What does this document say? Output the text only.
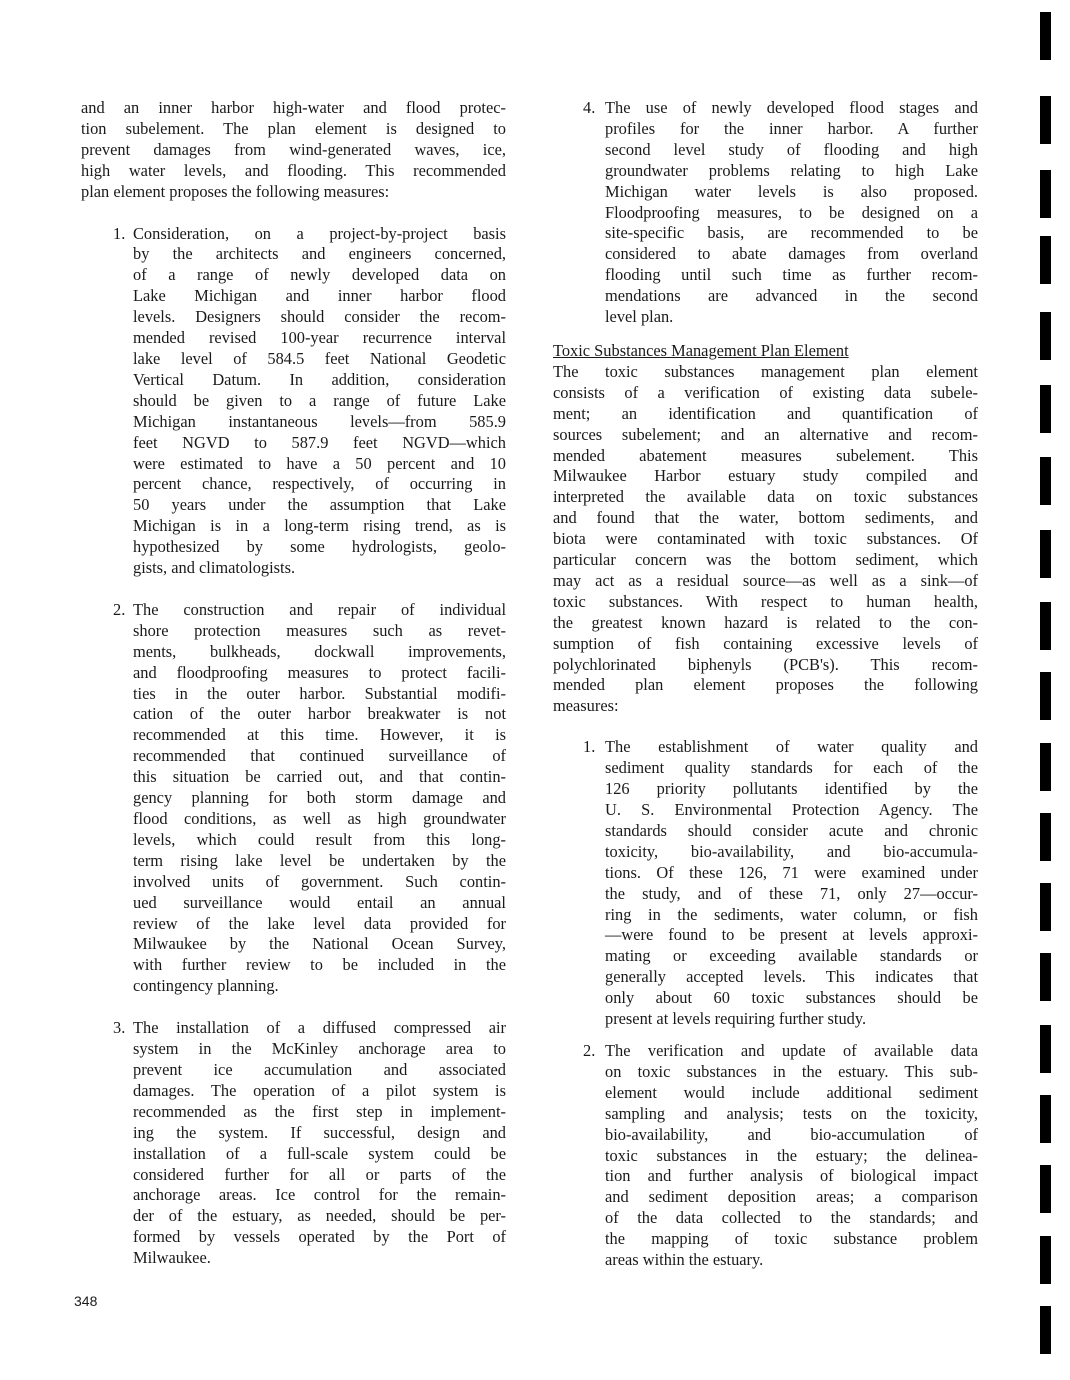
and an inner harbor high-water and flood protec-
tion subelement. The plan element is designed to
prevent damages from wind-generated waves, ice,
high water levels, and flooding. This recommended
plan element proposes the following measures:
1. Consideration, on a project-by-project basis
by the architects and engineers concerned,
of a range of newly developed data on
Lake Michigan and inner harbor flood
levels. Designers should consider the recom-
mended revised 100-year recurrence interval
lake level of 584.5 feet National Geodetic
Vertical Datum. In addition, consideration
should be given to a range of future Lake
Michigan instantaneous levels—from 585.9
feet NGVD to 587.9 feet NGVD—which
were estimated to have a 50 percent and 10
percent chance, respectively, of occurring in
50 years under the assumption that Lake
Michigan is in a long-term rising trend, as is
hypothesized by some hydrologists, geolo-
gists, and climatologists.
2. The construction and repair of individual
shore protection measures such as revet-
ments, bulkheads, dockwall improvements,
and floodproofing measures to protect facili-
ties in the outer harbor. Substantial modifi-
cation of the outer harbor breakwater is not
recommended at this time. However, it is
recommended that continued surveillance of
this situation be carried out, and that contin-
gency planning for both storm damage and
flood conditions, as well as high groundwater
levels, which could result from this long-
term rising lake level be undertaken by the
involved units of government. Such contin-
ued surveillance would entail an annual
review of the lake level data provided for
Milwaukee by the National Ocean Survey,
with further review to be included in the
contingency planning.
3. The installation of a diffused compressed air
system in the McKinley anchorage area to
prevent ice accumulation and associated
damages. The operation of a pilot system is
recommended as the first step in implement-
ing the system. If successful, design and
installation of a full-scale system could be
considered further for all or parts of the
anchorage areas. Ice control for the remain-
der of the estuary, as needed, should be per-
formed by vessels operated by the Port of
Milwaukee.
4. The use of newly developed flood stages and
profiles for the inner harbor. A further
second level study of flooding and high
groundwater problems relating to high Lake
Michigan water levels is also proposed.
Floodproofing measures, to be designed on a
site-specific basis, are recommended to be
considered to abate damages from overland
flooding until such time as further recom-
mendations are advanced in the second
level plan.
Toxic Substances Management Plan Element
The toxic substances management plan element
consists of a verification of existing data subele-
ment; an identification and quantification of
sources subelement; and an alternative and recom-
mended abatement measures subelement. This
Milwaukee Harbor estuary study compiled and
interpreted the available data on toxic substances
and found that the water, bottom sediments, and
biota were contaminated with toxic substances. Of
particular concern was the bottom sediment, which
may act as a residual source—as well as a sink—of
toxic substances. With respect to human health,
the greatest known hazard is related to the con-
sumption of fish containing excessive levels of
polychlorinated biphenyls (PCB's). This recom-
mended plan element proposes the following
measures:
1. The establishment of water quality and
sediment quality standards for each of the
126 priority pollutants identified by the
U. S. Environmental Protection Agency. The
standards should consider acute and chronic
toxicity, bio-availability, and bio-accumula-
tions. Of these 126, 71 were examined under
the study, and of these 71, only 27—occur-
ring in the sediments, water column, or fish
—were found to be present at levels approxi-
mating or exceeding available standards or
generally accepted levels. This indicates that
only about 60 toxic substances should be
present at levels requiring further study.
2. The verification and update of available data
on toxic substances in the estuary. This sub-
element would include additional sediment
sampling and analysis; tests on the toxicity,
bio-availability, and bio-accumulation of
toxic substances in the estuary; the delinea-
tion and further analysis of biological impact
and sediment deposition areas; a comparison
of the data collected to the standards; and
the mapping of toxic substance problem
areas within the estuary.
348
